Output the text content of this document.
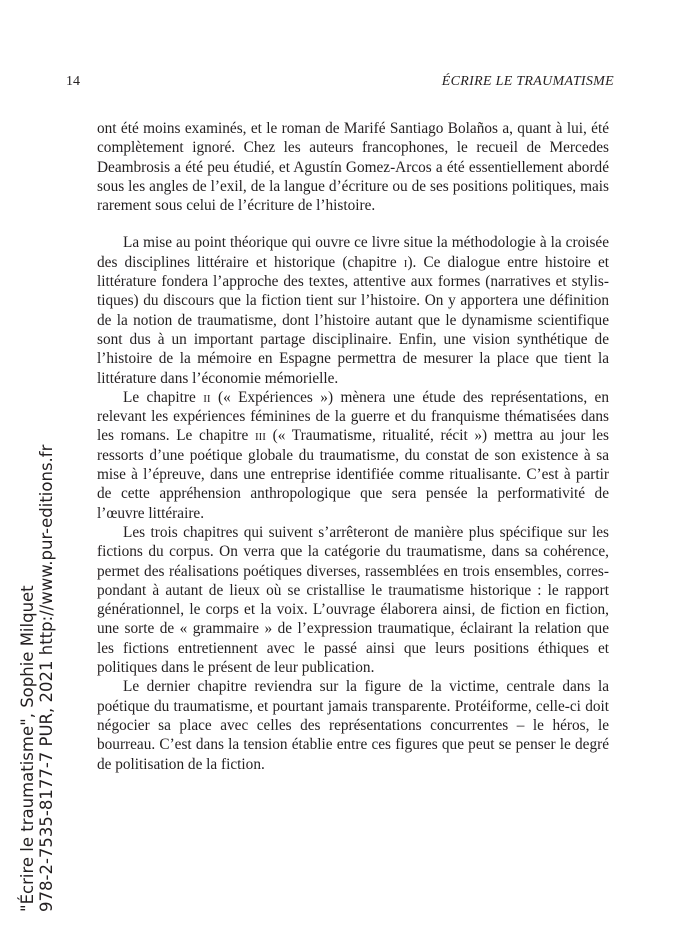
14	ÉCRIRE LE TRAUMATISME

ont été moins examinés, et le roman de Marifé Santiago Bolaños a, quant à lui, été complètement ignoré. Chez les auteurs francophones, le recueil de Mercedes Deambrosis a été peu étudié, et Agustín Gomez-Arcos a été essentiellement abordé sous les angles de l’exil, de la langue d’écriture ou de ses positions politiques, mais rarement sous celui de l’écriture de l’histoire.

La mise au point théorique qui ouvre ce livre situe la méthodologie à la croisée des disciplines littéraire et historique (chapitre i). Ce dialogue entre histoire et littérature fondera l’approche des textes, attentive aux formes (narratives et stylistiques) du discours que la fiction tient sur l’histoire. On y apportera une définition de la notion de traumatisme, dont l’histoire autant que le dynamisme scientifique sont dus à un important partage disciplinaire. Enfin, une vision synthétique de l’histoire de la mémoire en Espagne permettra de mesurer la place que tient la littérature dans l’économie mémorielle.

Le chapitre ii (« Expériences ») mènera une étude des représentations, en relevant les expériences féminines de la guerre et du franquisme thématisées dans les romans. Le chapitre iii (« Traumatisme, ritualité, récit ») mettra au jour les ressorts d’une poétique globale du traumatisme, du constat de son existence à sa mise à l’épreuve, dans une entreprise identifiée comme ritualisante. C’est à partir de cette appréhension anthropologique que sera pensée la performativité de l’œuvre littéraire.

Les trois chapitres qui suivent s’arrêteront de manière plus spécifique sur les fictions du corpus. On verra que la catégorie du traumatisme, dans sa cohérence, permet des réalisations poétiques diverses, rassemblées en trois ensembles, correspondant à autant de lieux où se cristallise le traumatisme historique : le rapport générationnel, le corps et la voix. L’ouvrage élaborera ainsi, de fiction en fiction, une sorte de « grammaire » de l’expression traumatique, éclairant la relation que les fictions entretiennent avec le passé ainsi que leurs positions éthiques et politiques dans le présent de leur publication.

Le dernier chapitre reviendra sur la figure de la victime, centrale dans la poétique du traumatisme, et pourtant jamais transparente. Protéiforme, celle-ci doit négocier sa place avec celles des représentations concurrentes – le héros, le bourreau. C’est dans la tension établie entre ces figures que peut se penser le degré de politisation de la fiction.

"Écrire le traumatisme", Sophie Milquet 978-2-7535-8177-7 PUR, 2021 http://www.pur-editions.fr
